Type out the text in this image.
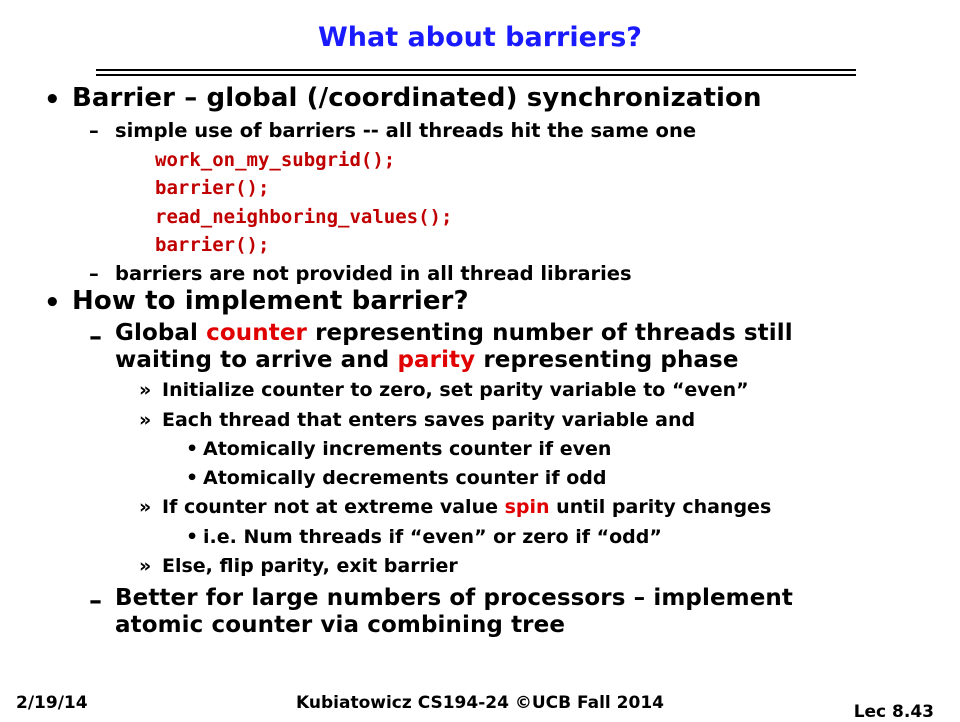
What about barriers?
• Barrier – global (/coordinated) synchronization
– simple use of barriers -- all threads hit the same one
work_on_my_subgrid();
barrier();
read_neighboring_values();
barrier();
– barriers are not provided in all thread libraries
• How to implement barrier?
– Global counter representing number of threads still
waiting to arrive and parity representing phase
» Initialize counter to zero, set parity variable to “even”
» Each thread that enters saves parity variable and
• Atomically increments counter if even
• Atomically decrements counter if odd
» If counter not at extreme value spin until parity changes
• i.e. Num threads if “even” or zero if “odd”
» Else, flip parity, exit barrier
– Better for large numbers of processors – implement
atomic counter via combining tree
2/19/14	Kubiatowicz CS194-24 ©UCB Fall 2014	Lec 8.43
